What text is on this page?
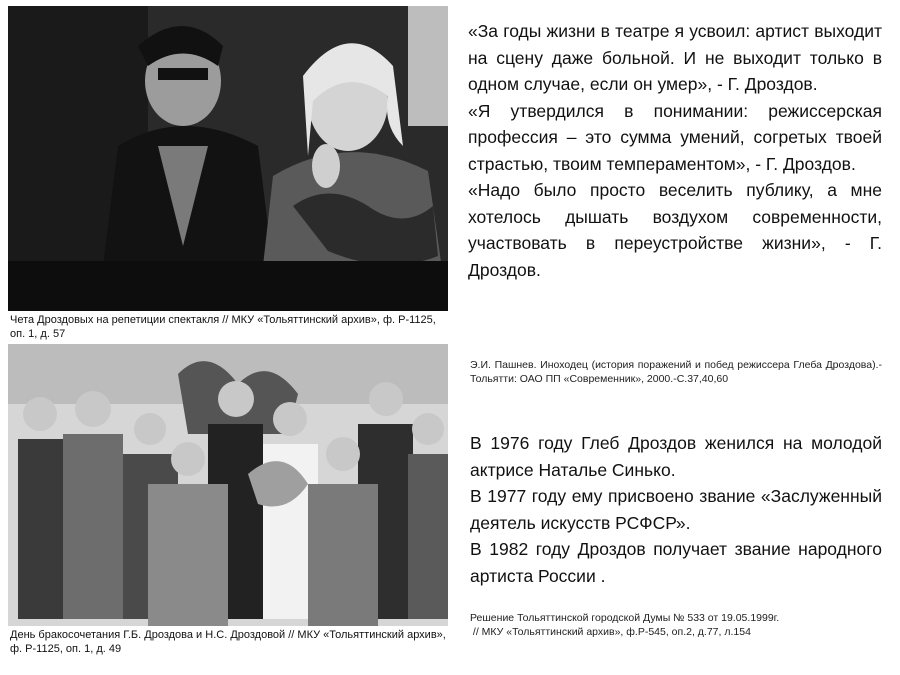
Чета Дроздовых на репетиции спектакля // МКУ «Тольяттинский архив», ф. Р-1125, оп. 1, д. 57
День бракосочетания Г.Б. Дроздова и Н.С. Дроздовой // МКУ «Тольяттинский архив», ф. Р-1125, оп. 1, д. 49

«За годы жизни в театре я усвоил: артист выходит на сцену даже больной. И не выходит только в одном случае, если он умер», - Г. Дроздов.

«Я утвердился в понимании: режиссерская профессия – это сумма умений, согретых твоей страстью, твоим темпераментом», - Г. Дроздов.

«Надо было просто веселить публику, а мне хотелось дышать воздухом современности, участвовать в переустройстве жизни», - Г. Дроздов.

Э.И. Пашнев. Иноходец (история поражений и побед режиссера Глеба Дроздова).-Тольятти: ОАО ПП «Современник», 2000.-С.37,40,60

В 1976 году Глеб Дроздов женился на молодой актрисе Наталье Синько.

В 1977 году ему присвоено звание «Заслуженный деятель искусств РСФСР».

В 1982 году Дроздов получает звание народного артиста России .

Решение Тольяттинской городской Думы № 533 от 19.05.1999г.
// МКУ «Тольяттинский архив», ф.Р-545, оп.2, д.77, л.154
